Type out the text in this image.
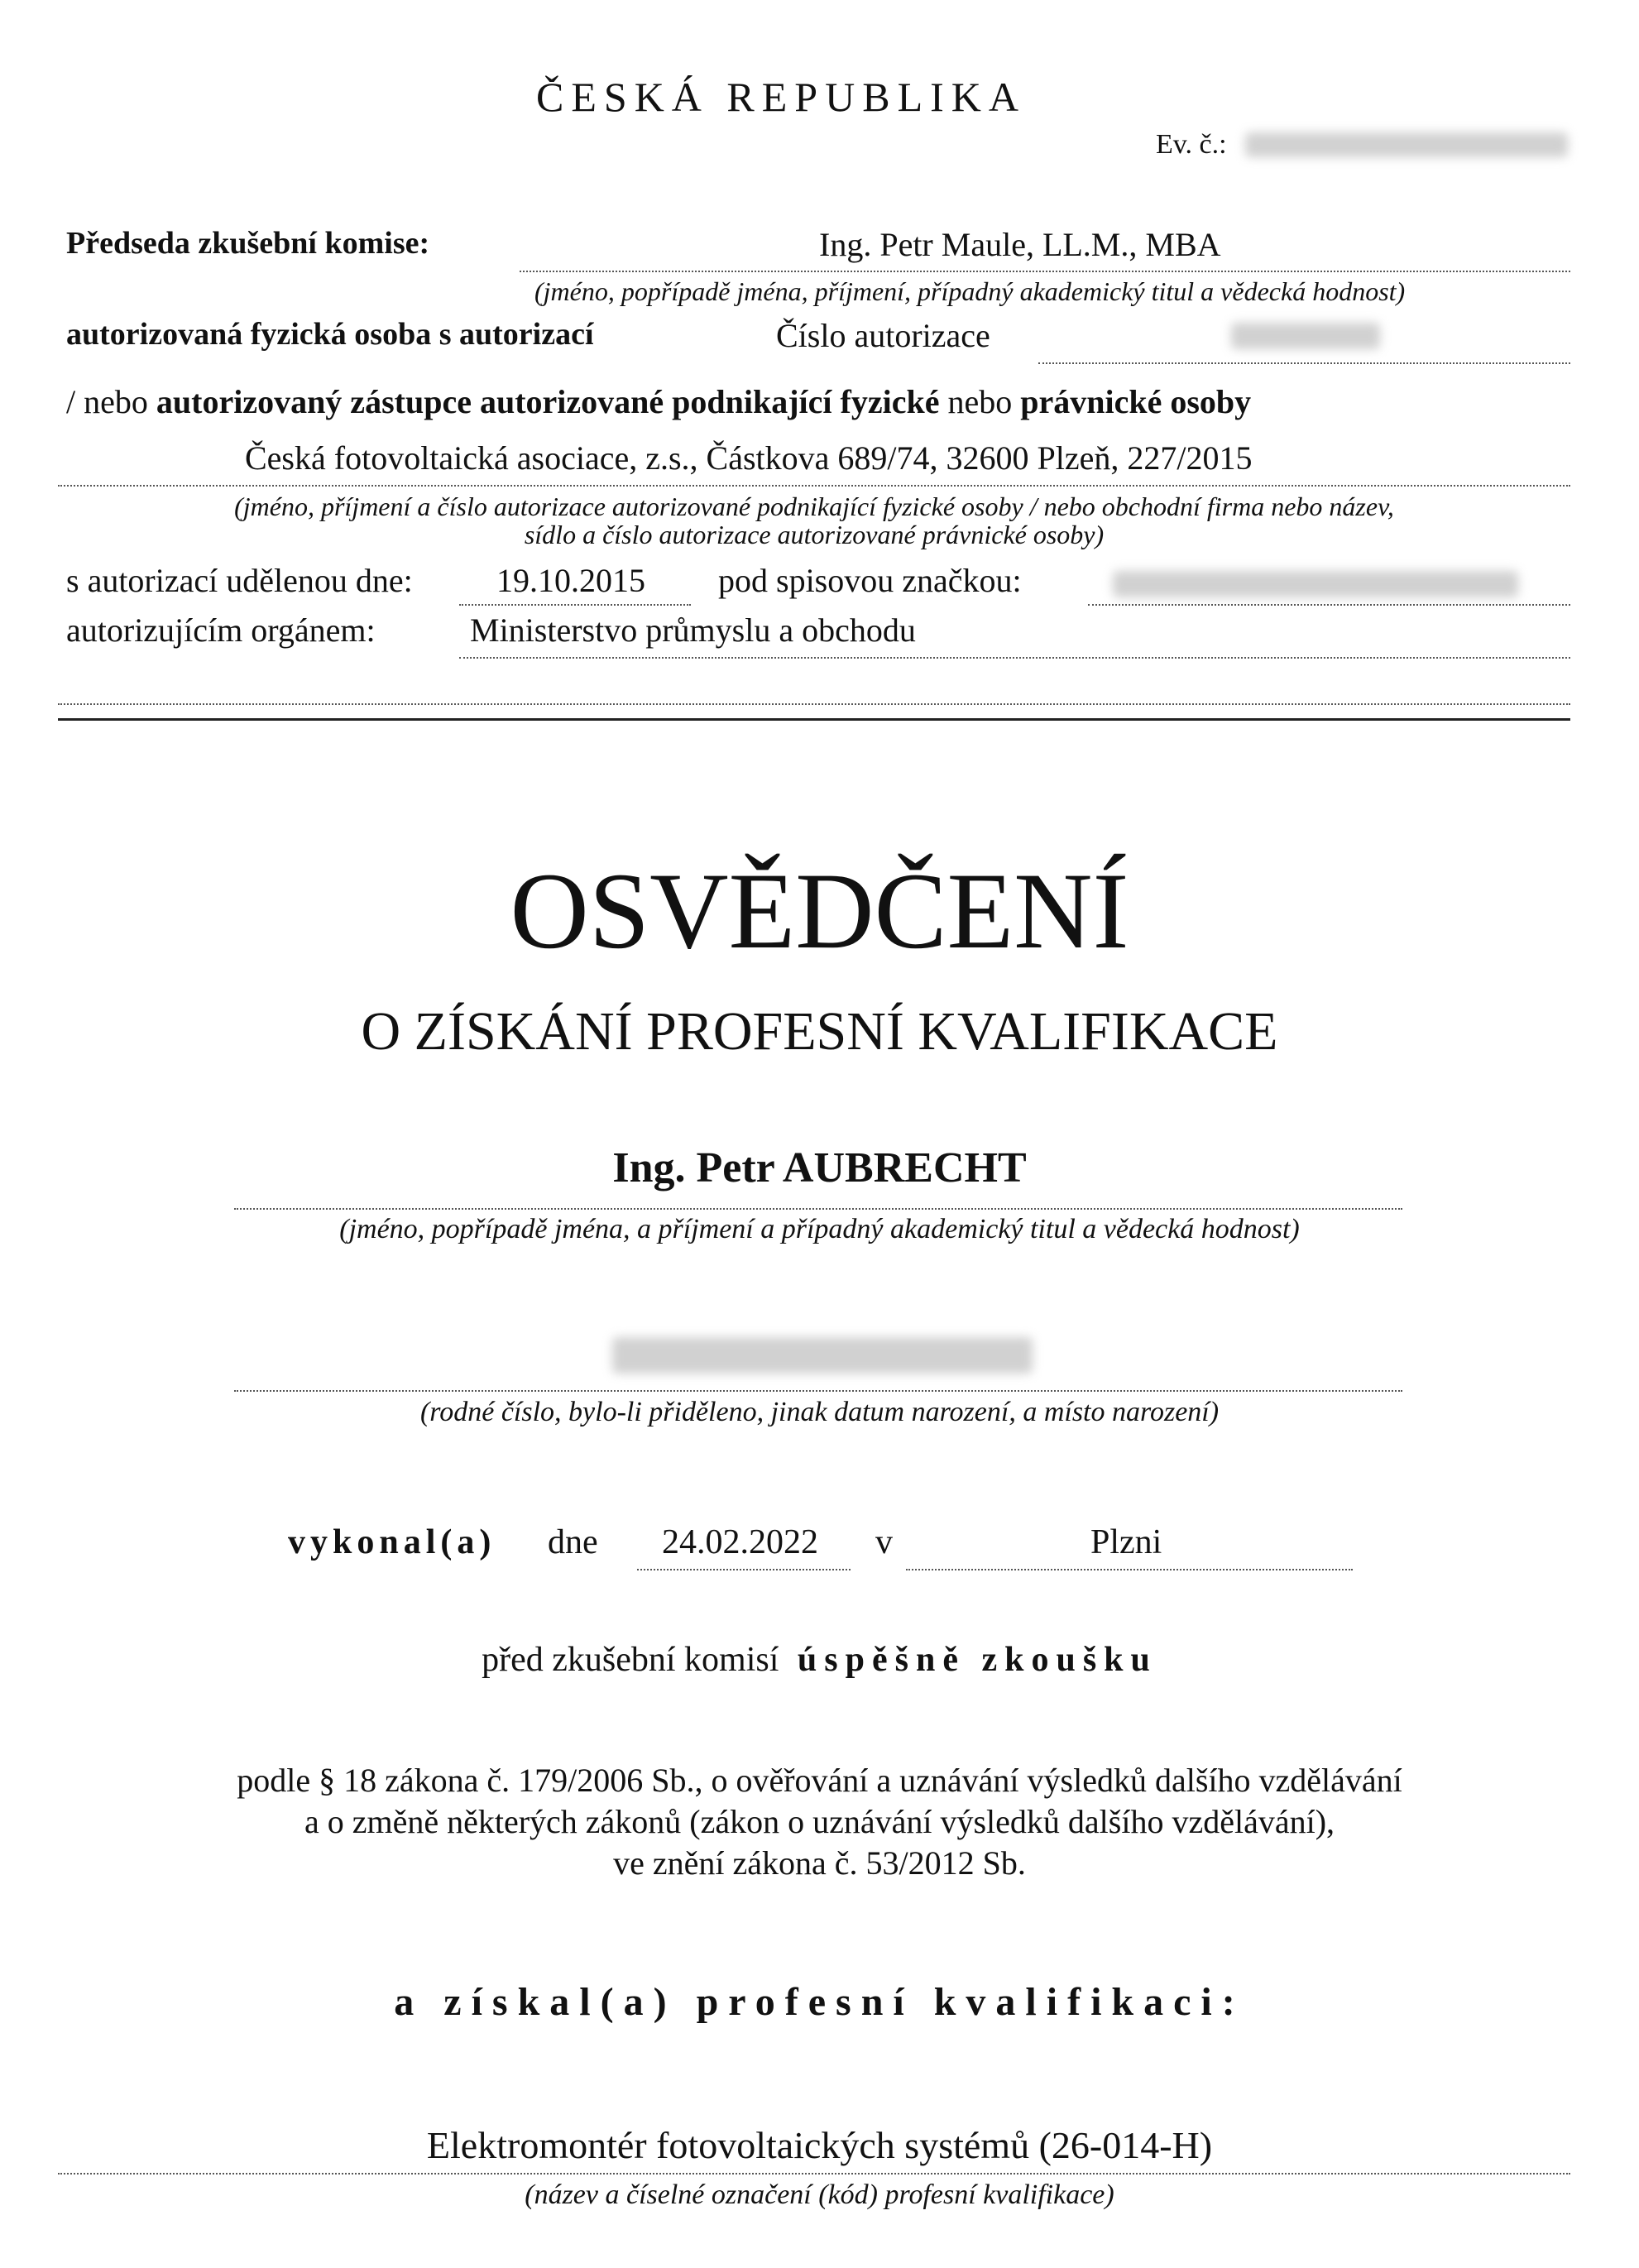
ČESKÁ REPUBLIKA
Ev. č.:
Předseda zkušební komise:	Ing. Petr Maule, LL.M., MBA
(jméno, popřípadě jména, příjmení, případný akademický titul a vědecká hodnost)
autorizovaná fyzická osoba s autorizací	Číslo autorizace
/ nebo autorizovaný zástupce autorizované podnikající fyzické nebo právnické osoby
Česká fotovoltaická asociace, z.s., Částkova 689/74, 32600 Plzeň, 227/2015
(jméno, příjmení a číslo autorizace autorizované podnikající fyzické osoby / nebo obchodní firma nebo název,
sídlo a číslo autorizace autorizované právnické osoby)
s autorizací udělenou dne:	19.10.2015 pod spisovou značkou:
autorizujícím orgánem:	Ministerstvo průmyslu a obchodu
OSVĚDČENÍ
O ZÍSKÁNÍ PROFESNÍ KVALIFIKACE
Ing. Petr AUBRECHT
(jméno, popřípadě jména, a příjmení a případný akademický titul a vědecká hodnost)
(rodné číslo, bylo-li přiděleno, jinak datum narození, a místo narození)
vykonal(a) dne 24.02.2022 v	Plzni
před zkušební komisí úspěšně zkoušku
podle § 18 zákona č. 179/2006 Sb., o ověřování a uznávání výsledků dalšího vzdělávání
a o změně některých zákonů (zákon o uznávání výsledků dalšího vzdělávání),
ve znění zákona č. 53/2012 Sb.
a získal(a) profesní kvalifikaci:
Elektromontér fotovoltaických systémů (26-014-H)
(název a číselné označení (kód) profesní kvalifikace)
